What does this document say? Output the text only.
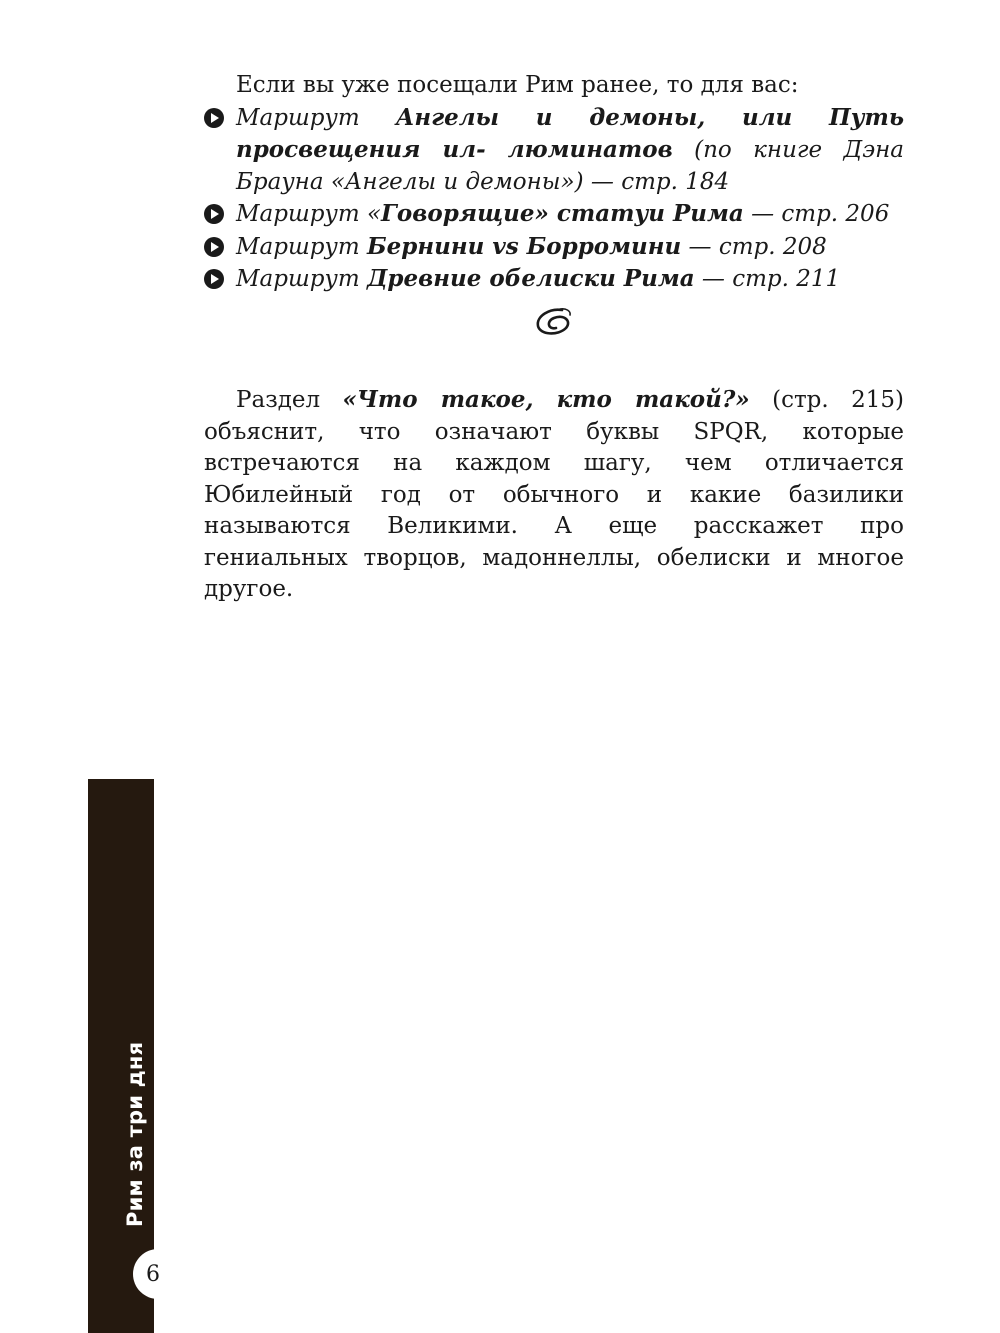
Если вы уже посещали Рим ранее, то для вас:

Маршрут Ангелы и демоны, или Путь просвещения ил- люминатов (по книге Дэна Брауна «Ангелы и демоны») — стр. 184
Маршрут «Говорящие» статуи Рима — стр. 206
Маршрут Бернини vs Борромини — стр. 208
Маршрут Древние обелиски Рима — стр. 211

Раздел «Что такое, кто такой?» (стр. 215) объяснит, что означают буквы SPQR, которые встречаются на каждом шагу, чем отличается Юбилейный год от обычного и какие базилики называются Великими. А еще расскажет про гениальных творцов, мадоннеллы, обелиски и многое другое.

Рим за три дня
6
